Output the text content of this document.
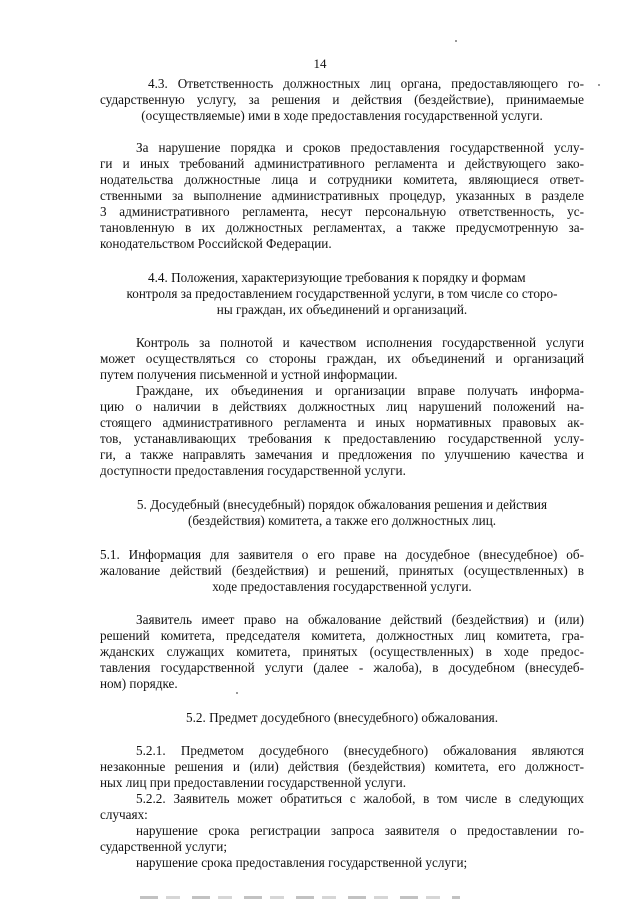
14
4.3. Ответственность должностных лиц органа, предоставляющего го-
сударственную услугу, за решения и действия (бездействие), принимаемые
(осуществляемые) ими в ходе предоставления государственной услуги.
За нарушение порядка и сроков предоставления государственной услу-
ги и иных требований административного регламента и действующего зако-
нодательства должностные лица и сотрудники комитета, являющиеся ответ-
ственными за выполнение административных процедур, указанных в разделе
3 административного регламента, несут персональную ответственность, ус-
тановленную в их должностных регламентах, а также предусмотренную за-
конодательством Российской Федерации.
4.4. Положения, характеризующие требования к порядку и формам
контроля за предоставлением государственной услуги, в том числе со сторо-
ны граждан, их объединений и организаций.
Контроль за полнотой и качеством исполнения государственной услуги
может осуществляться со стороны граждан, их объединений и организаций
путем получения письменной и устной информации.
Граждане, их объединения и организации вправе получать информа-
цию о наличии в действиях должностных лиц нарушений положений на-
стоящего административного регламента и иных нормативных правовых ак-
тов, устанавливающих требования к предоставлению государственной услу-
ги, а также направлять замечания и предложения по улучшению качества и
доступности предоставления государственной услуги.
5. Досудебный (внесудебный) порядок обжалования решения и действия
(бездействия) комитета, а также его должностных лиц.
5.1. Информация для заявителя о его праве на досудебное (внесудебное) об-
жалование действий (бездействия) и решений, принятых (осуществленных) в
ходе предоставления государственной услуги.
Заявитель имеет право на обжалование действий (бездействия) и (или)
решений комитета, председателя комитета, должностных лиц комитета, гра-
жданских служащих комитета, принятых (осуществленных) в ходе предос-
тавления государственной услуги (далее - жалоба), в досудебном (внесудеб-
ном) порядке.
5.2. Предмет досудебного (внесудебного) обжалования.
5.2.1. Предметом досудебного (внесудебного) обжалования являются
незаконные решения и (или) действия (бездействия) комитета, его должност-
ных лиц при предоставлении государственной услуги.
5.2.2. Заявитель может обратиться с жалобой, в том числе в следующих
случаях:
нарушение срока регистрации запроса заявителя о предоставлении го-
сударственной услуги;
нарушение срока предоставления государственной услуги;
